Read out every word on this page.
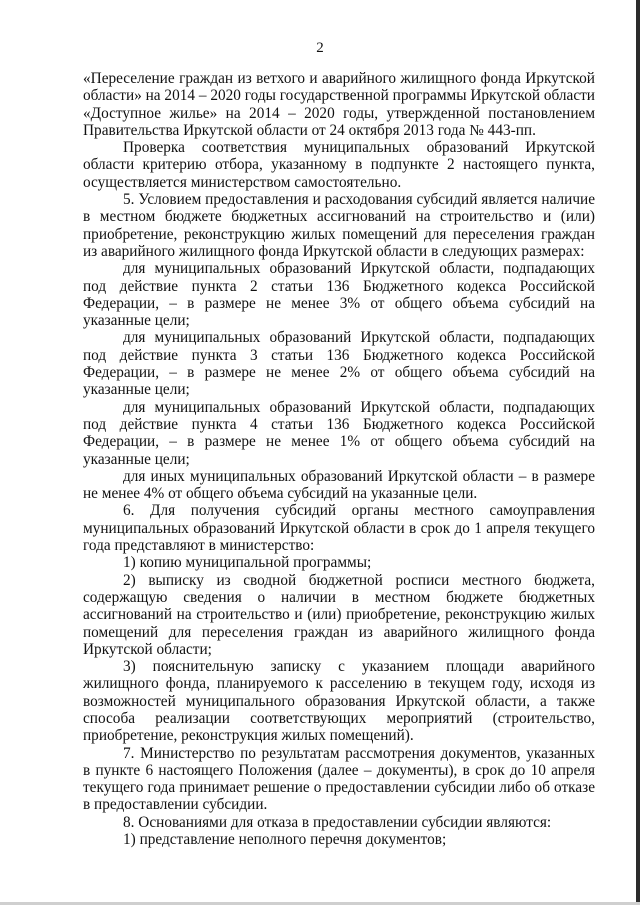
2

«Переселение граждан из ветхого и аварийного жилищного фонда Иркутской области» на 2014 – 2020 годы государственной программы Иркутской области «Доступное жилье» на 2014 – 2020 годы, утвержденной постановлением Правительства Иркутской области от 24 октября 2013 года № 443-пп.

Проверка соответствия муниципальных образований Иркутской области критерию отбора, указанному в подпункте 2 настоящего пункта, осуществляется министерством самостоятельно.

5. Условием предоставления и расходования субсидий является наличие в местном бюджете бюджетных ассигнований на строительство и (или) приобретение, реконструкцию жилых помещений для переселения граждан из аварийного жилищного фонда Иркутской области в следующих размерах:

для муниципальных образований Иркутской области, подпадающих под действие пункта 2 статьи 136 Бюджетного кодекса Российской Федерации, – в размере не менее 3% от общего объема субсидий на указанные цели;

для муниципальных образований Иркутской области, подпадающих под действие пункта 3 статьи 136 Бюджетного кодекса Российской Федерации, – в размере не менее 2% от общего объема субсидий на указанные цели;

для муниципальных образований Иркутской области, подпадающих под действие пункта 4 статьи 136 Бюджетного кодекса Российской Федерации, – в размере не менее 1% от общего объема субсидий на указанные цели;

для иных муниципальных образований Иркутской области – в размере не менее 4% от общего объема субсидий на указанные цели.

6. Для получения субсидий органы местного самоуправления муниципальных образований Иркутской области в срок до 1 апреля текущего года представляют в министерство:

1) копию муниципальной программы;

2) выписку из сводной бюджетной росписи местного бюджета, содержащую сведения о наличии в местном бюджете бюджетных ассигнований на строительство и (или) приобретение, реконструкцию жилых помещений для переселения граждан из аварийного жилищного фонда Иркутской области;

3) пояснительную записку с указанием площади аварийного жилищного фонда, планируемого к расселению в текущем году, исходя из возможностей муниципального образования Иркутской области, а также способа реализации соответствующих мероприятий (строительство, приобретение, реконструкция жилых помещений).

7. Министерство по результатам рассмотрения документов, указанных в пункте 6 настоящего Положения (далее – документы), в срок до 10 апреля текущего года принимает решение о предоставлении субсидии либо об отказе в предоставлении субсидии.

8. Основаниями для отказа в предоставлении субсидии являются:

1) представление неполного перечня документов;
